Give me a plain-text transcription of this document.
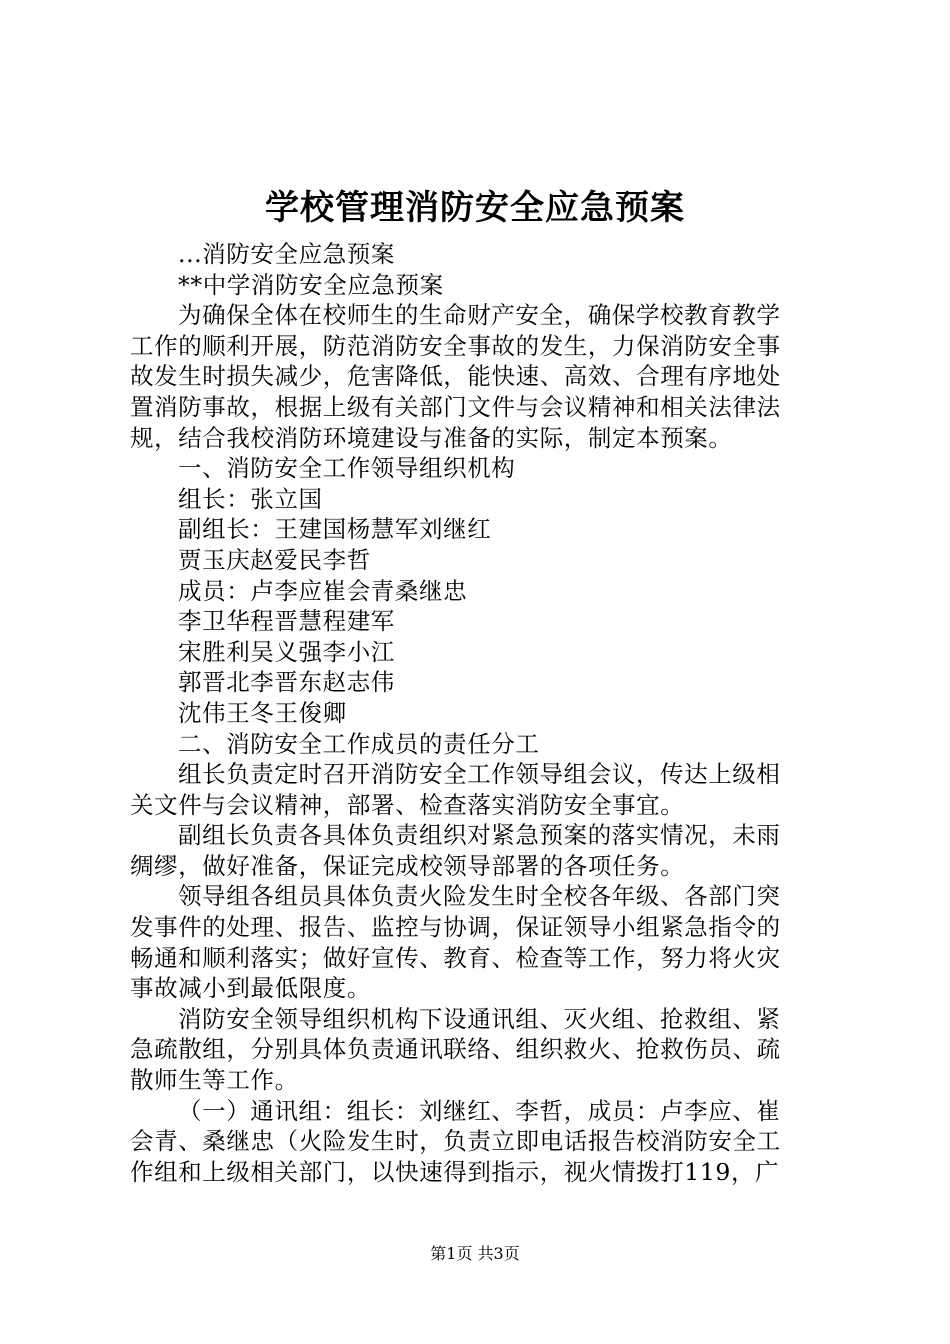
学校管理消防安全应急预案
...消防安全应急预案
**中学消防安全应急预案
为确保全体在校师生的生命财产安全，确保学校教育教学
工作的顺利开展，防范消防安全事故的发生，力保消防安全事
故发生时损失减少，危害降低，能快速、高效、合理有序地处
置消防事故，根据上级有关部门文件与会议精神和相关法律法
规，结合我校消防环境建设与准备的实际，制定本预案。
一、消防安全工作领导组织机构
组长：张立国
副组长：王建国杨慧军刘继红
贾玉庆赵爱民李哲
成员：卢李应崔会青桑继忠
李卫华程晋慧程建军
宋胜利吴义强李小江
郭晋北李晋东赵志伟
沈伟王冬王俊卿
二、消防安全工作成员的责任分工
组长负责定时召开消防安全工作领导组会议，传达上级相
关文件与会议精神，部署、检查落实消防安全事宜。
副组长负责各具体负责组织对紧急预案的落实情况，未雨
绸缪，做好准备，保证完成校领导部署的各项任务。
领导组各组员具体负责火险发生时全校各年级、各部门突
发事件的处理、报告、监控与协调，保证领导小组紧急指令的
畅通和顺利落实；做好宣传、教育、检查等工作，努力将火灾
事故减小到最低限度。
消防安全领导组织机构下设通讯组、灭火组、抢救组、紧
急疏散组，分别具体负责通讯联络、组织救火、抢救伤员、疏
散师生等工作。
（一）通讯组：组长：刘继红、李哲，成员：卢李应、崔
会青、桑继忠（火险发生时，负责立即电话报告校消防安全工
作组和上级相关部门，以快速得到指示，视火情拨打119，广
第1页 共3页
